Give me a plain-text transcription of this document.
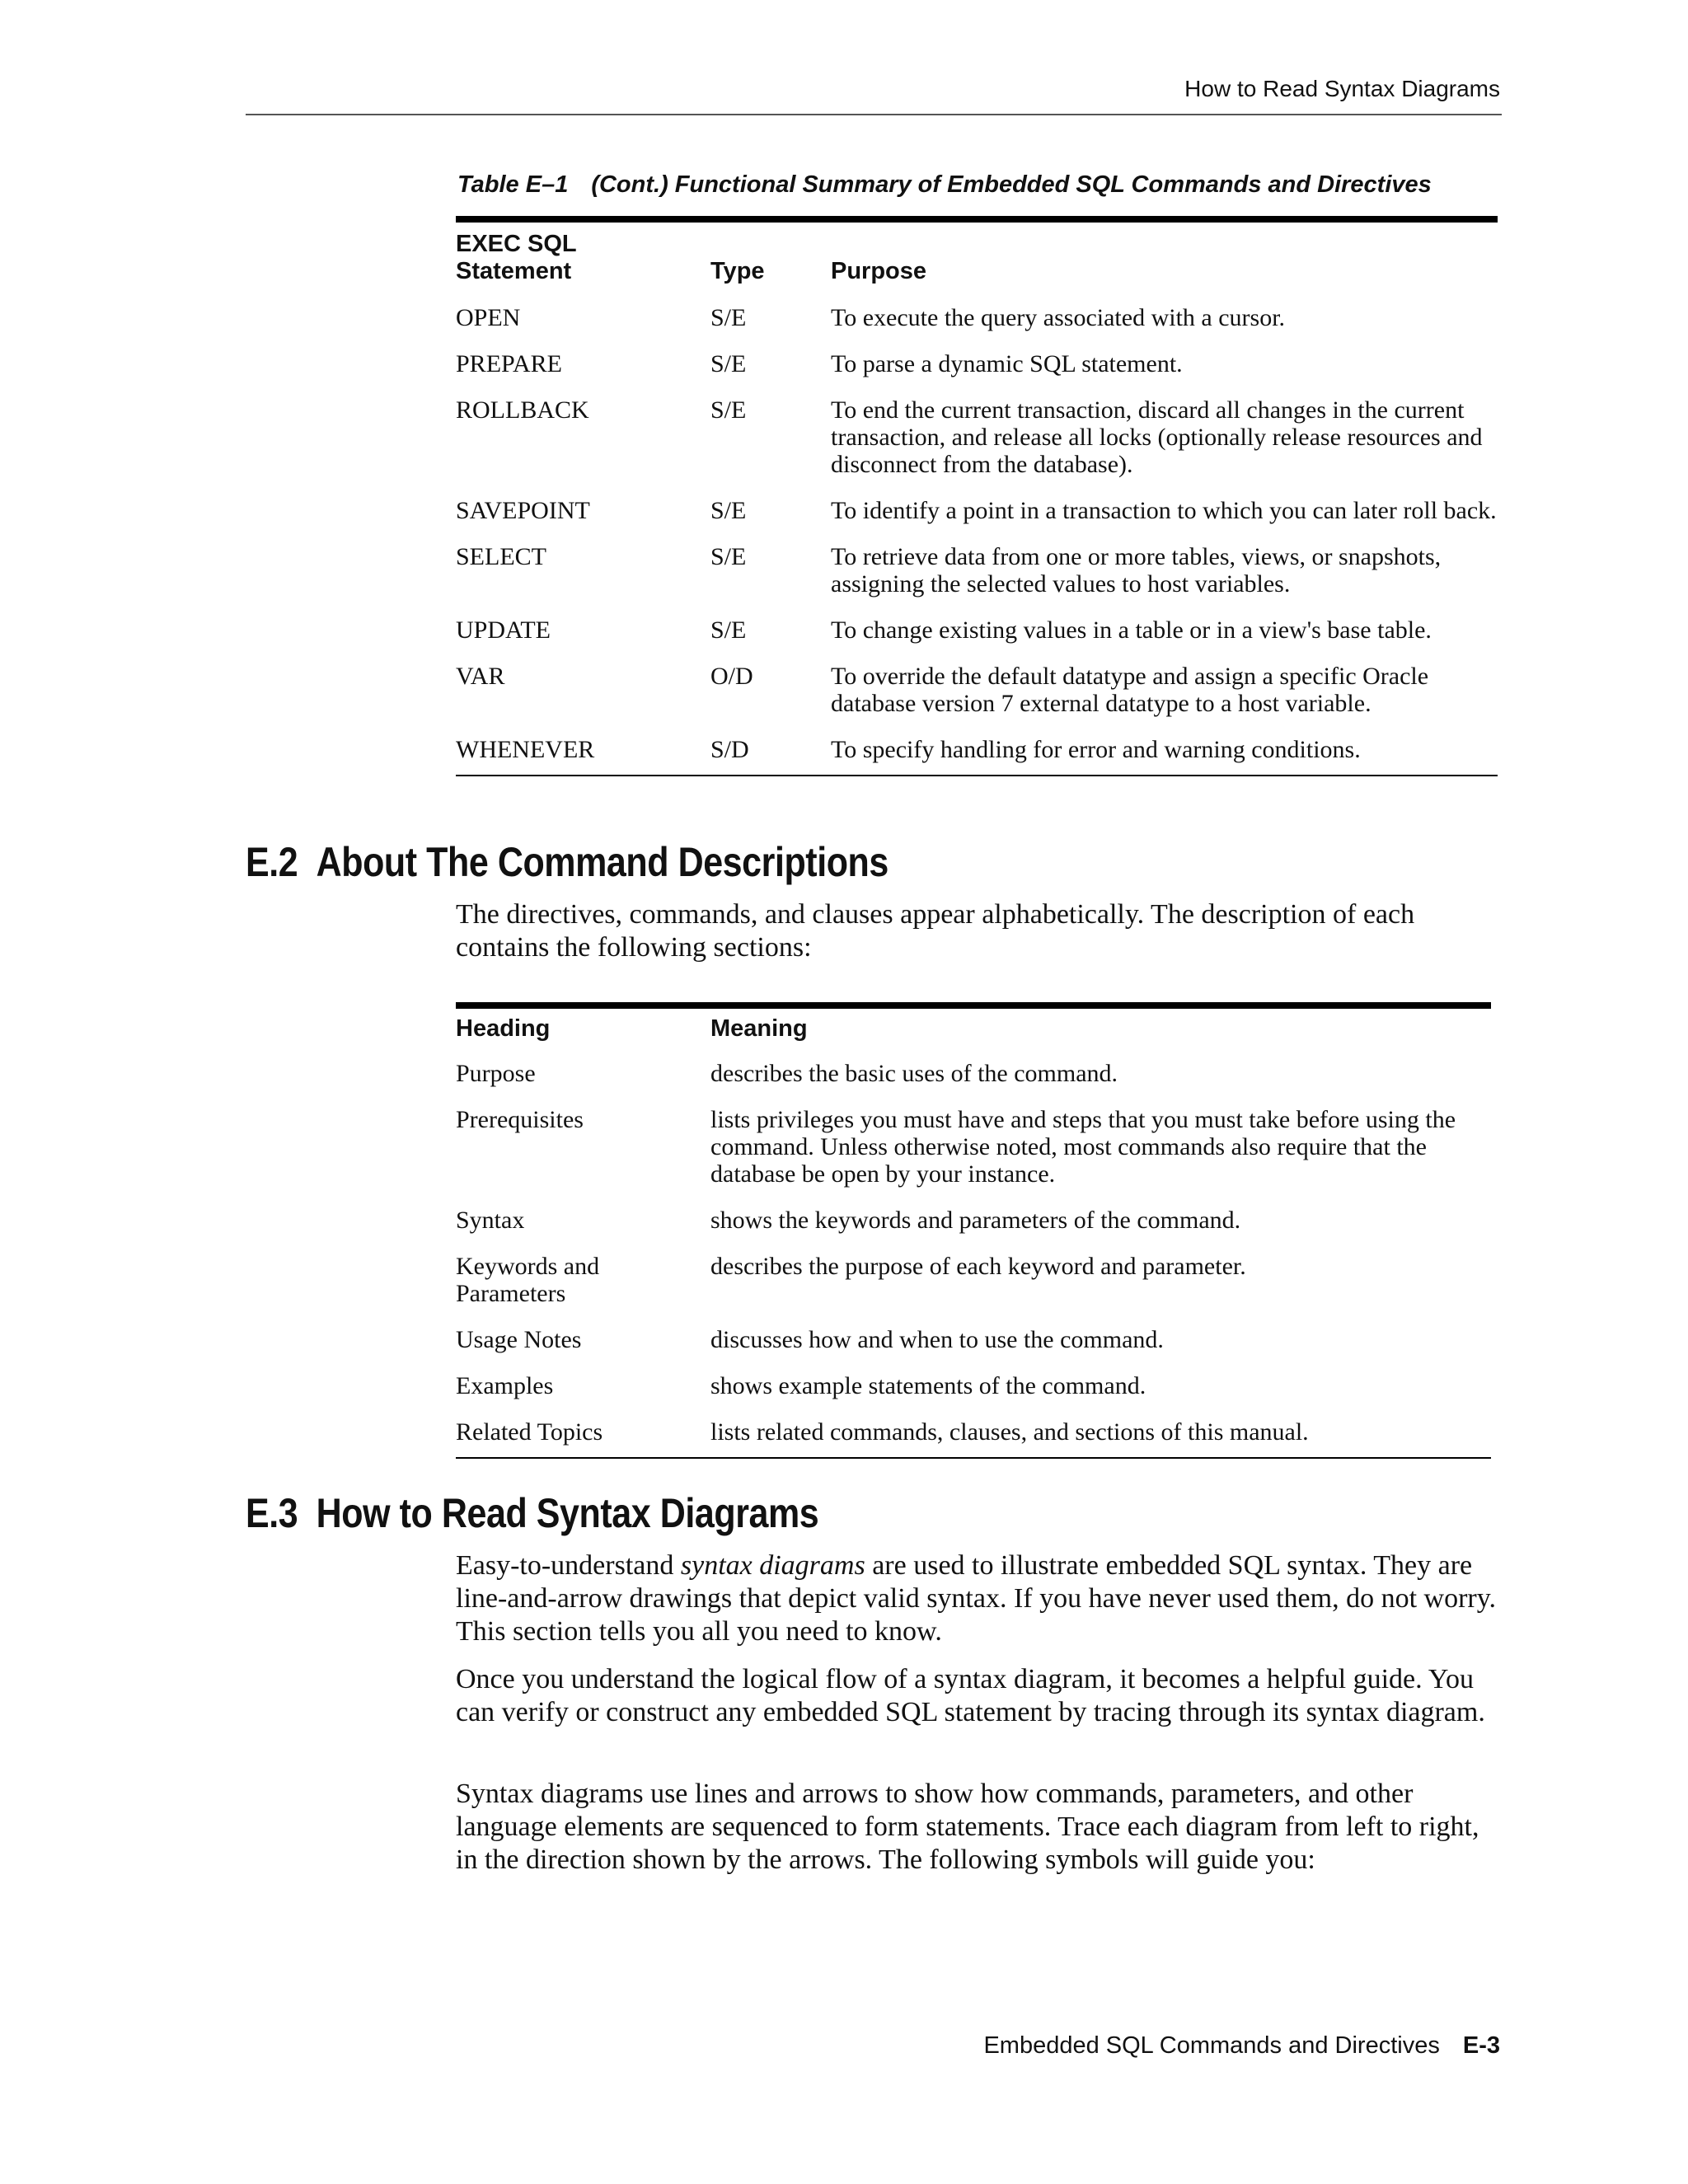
How to Read Syntax Diagrams
Table E–1 (Cont.) Functional Summary of Embedded SQL Commands and Directives
EXEC SQL
Statement	Type	Purpose
OPEN	S/E	To execute the query associated with a cursor.
PREPARE	S/E	To parse a dynamic SQL statement.
ROLLBACK	S/E	To end the current transaction, discard all changes in the current transaction, and release all locks (optionally release resources and disconnect from the database).
SAVEPOINT	S/E	To identify a point in a transaction to which you can later roll back.
SELECT	S/E	To retrieve data from one or more tables, views, or snapshots, assigning the selected values to host variables.
UPDATE	S/E	To change existing values in a table or in a view's base table.
VAR	O/D	To override the default datatype and assign a specific Oracle database version 7 external datatype to a host variable.
WHENEVER	S/D	To specify handling for error and warning conditions.
E.2 About The Command Descriptions

The directives, commands, and clauses appear alphabetically. The description of each contains the following sections:

Heading	Meaning
Purpose	describes the basic uses of the command.
Prerequisites	lists privileges you must have and steps that you must take before using the command. Unless otherwise noted, most commands also require that the database be open by your instance.
Syntax	shows the keywords and parameters of the command.
Keywords and Parameters	describes the purpose of each keyword and parameter.
Usage Notes	discusses how and when to use the command.
Examples	shows example statements of the command.
Related Topics	lists related commands, clauses, and sections of this manual.
E.3 How to Read Syntax Diagrams

Easy-to-understand syntax diagrams are used to illustrate embedded SQL syntax. They are line-and-arrow drawings that depict valid syntax. If you have never used them, do not worry. This section tells you all you need to know.

Once you understand the logical flow of a syntax diagram, it becomes a helpful guide. You can verify or construct any embedded SQL statement by tracing through its syntax diagram.

Syntax diagrams use lines and arrows to show how commands, parameters, and other language elements are sequenced to form statements. Trace each diagram from left to right, in the direction shown by the arrows. The following symbols will guide you:

Embedded SQL Commands and Directives E-3
